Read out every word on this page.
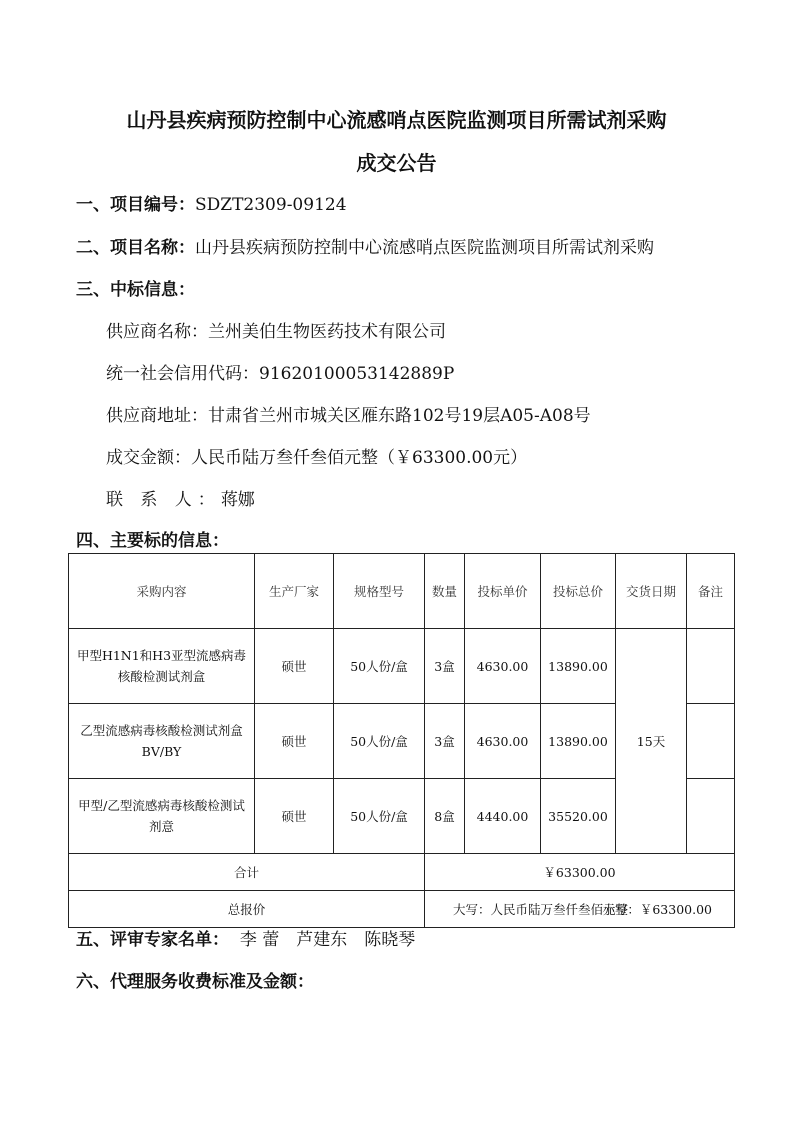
山丹县疾病预防控制中心流感哨点医院监测项目所需试剂采购
成交公告
一、项目编号：SDZT2309-09124
二、项目名称：山丹县疾病预防控制中心流感哨点医院监测项目所需试剂采购
三、中标信息：
供应商名称：兰州美伯生物医药技术有限公司
统一社会信用代码：91620100053142889P
供应商地址：甘肃省兰州市城关区雁东路102号19层A05-A08号
成交金额：人民币陆万叁仟叁佰元整（￥63300.00元）
联 系 人：蒋娜
四、主要标的信息：
采购内容	生产厂家	规格型号	数量	投标单价	投标总价	交货日期	备注
甲型H1N1和H3亚型流感病毒核酸检测试剂盒	硕世	50人份/盒	3盒	4630.00	13890.00	15天	
乙型流感病毒核酸检测试剂盒BV/BY	硕世	50人份/盒	3盒	4630.00	13890.00		
甲型/乙型流感病毒核酸检测试剂意	硕世	50人份/盒	8盒	4440.00	35520.00		
合计			￥63300.00				
总报价			大写：人民币陆万叁仟叁佰元整
小写：￥63300.00				
五、评审专家名单： 李 蕾　芦建东　陈晓琴
六、代理服务收费标准及金额：
